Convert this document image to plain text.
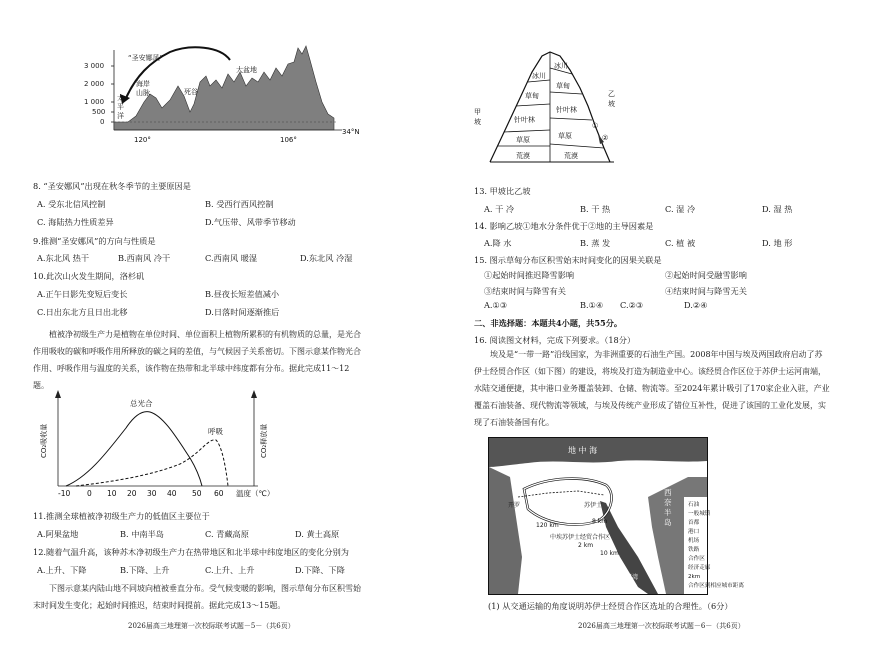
3 000
2 000
1 000
500
0
“圣安娜风”
太
平
洋
海岸
山脉	死谷
大盆地
120°	106°
34°N
8. “圣安娜风”出现在秋冬季节的主要原因是
A. 受东北信风控制	B. 受西行西风控制
C. 海陆热力性质差异	D.气压带、风带季节移动
9.推测“圣安娜风”的方向与性质是
A.东北风 热干	B.西南风 冷干	C.西南风 暖湿	D.东北风 冷湿
10.此次山火发生期间，洛杉矶
A.正午日影先变短后变长	B.昼夜长短差值减小
C.日出东北方且日出北移	D.日落时间逐渐推后
植被净初级生产力是植物在单位时间、单位面积上植物所累积的有机物质的总量，是光合作用吸收的碳和呼吸作用所释放的碳之间的差值，与气候因子关系密切。下图示意某作物光合作用、呼吸作用与温度的关系，该作物在热带和北半球中纬度都有分布。据此完成11～12题。
CO₂吸收量	CO₂释放量
总光合
呼吸
-10 0 10 20 30 40 50 60 温度（℃）
11.推测全球植被净初级生产力的低值区主要位于
A.阿果盆地	B. 中南半岛	C. 青藏高原	D. 黄土高原
12.随着气温升高，该种苏木净初级生产力在热带地区和北半球中纬度地区的变化分别为
A.上升、下降	B.下降、上升	C.上升、上升	D.下降、下降
下图示意某内陆山地不同坡向植被垂直分布。受气候变暖的影响，图示草甸分布区积雪始末时间发生变化；起始时间推迟，结束时间提前。据此完成13～15题。
2026届高三地理第一次校际联考试题－5－（共6页）
冰川
草甸
针叶林
草原
荒漠
冰川
草甸
针叶林
草原
荒漠
甲
坡
乙
坡
①
②
13. 甲坡比乙坡
A. 干 冷	B. 干 热	C. 湿 冷	D. 湿 热
14. 影响乙坡①地水分条件优于②地的主导因素是
A.降 水	B. 蒸 发	C. 植 被	D. 地 形
15. 图示草甸分布区积雪始末时间变化的因果关联是
①起始时间推迟降雪影响	②起始时间受融雪影响
③结束时间与降雪有关	④结束时间与降雪无关
A.①③	B.①④ C.②③	D.②④
二、非选择题：本题共4小题，共55分。
16. 阅读图文材料，完成下列要求。（18分）
埃及是“一带一路”沿线国家，为非洲重要的石油生产国。2008年中国与埃及两国政府启动了苏伊士经贸合作区（如下图）的建设，将埃及打造为制造业中心。该经贸合作区位于苏伊士运河南端，水陆交通便捷，其中港口业务覆盖装卸、仓储、物流等。至2024年累计吸引了170家企业入驻，产业覆盖石油装备、现代物流等领域，与埃及传统产业形成了错位互补性，促进了该国的工业化发展，实现了石油装备国有化。
地 中 海
开罗	苏伊士
中埃苏伊士经贸合作区
120 km
8 km
2 km
10 km
亚喀巴湾
西
奈
半
岛
石油
一般城镇
首都
港口
机场
铁路
合作区
经济走廊
2km
合作区到相应城市距离
(1) 从交通运输的角度说明苏伊士经贸合作区选址的合理性。（6分）
2026届高三地理第一次校际联考试题－6－（共6页）
